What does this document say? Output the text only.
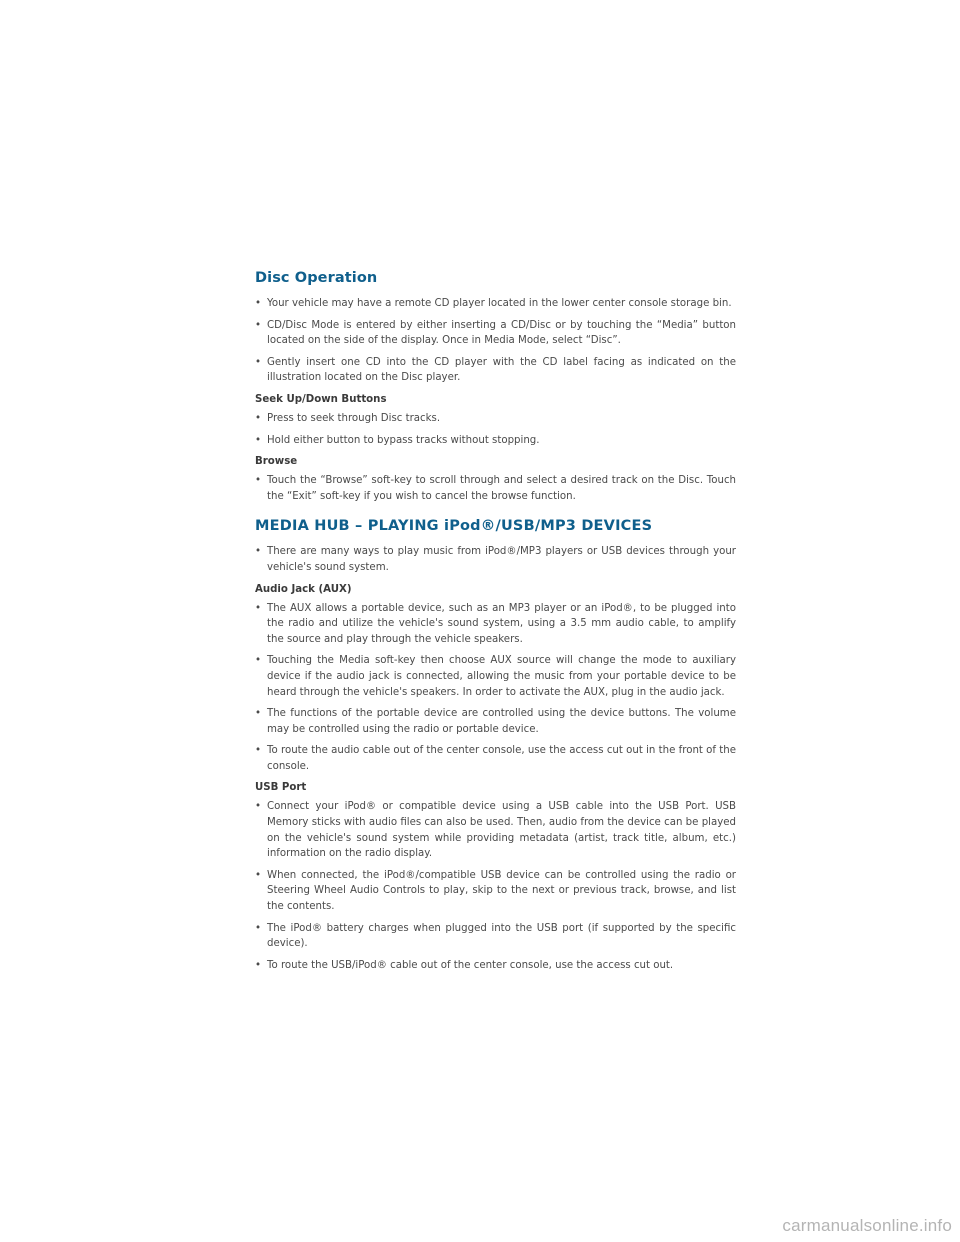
Disc Operation
• Your vehicle may have a remote CD player located in the lower center console storage bin.
• CD/Disc Mode is entered by either inserting a CD/Disc or by touching the “Media” button located on the side of the display. Once in Media Mode, select “Disc”.
• Gently insert one CD into the CD player with the CD label facing as indicated on the illustration located on the Disc player.
Seek Up/Down Buttons
• Press to seek through Disc tracks.
• Hold either button to bypass tracks without stopping.
Browse
• Touch the “Browse” soft-key to scroll through and select a desired track on the Disc. Touch the “Exit” soft-key if you wish to cancel the browse function.
MEDIA HUB – PLAYING iPod®/USB/MP3 DEVICES
• There are many ways to play music from iPod®/MP3 players or USB devices through your vehicle's sound system.
Audio Jack (AUX)
• The AUX allows a portable device, such as an MP3 player or an iPod®, to be plugged into the radio and utilize the vehicle's sound system, using a 3.5 mm audio cable, to amplify the source and play through the vehicle speakers.
• Touching the Media soft-key then choose AUX source will change the mode to auxiliary device if the audio jack is connected, allowing the music from your portable device to be heard through the vehicle's speakers. In order to activate the AUX, plug in the audio jack.
• The functions of the portable device are controlled using the device buttons. The volume may be controlled using the radio or portable device.
• To route the audio cable out of the center console, use the access cut out in the front of the console.
USB Port
• Connect your iPod® or compatible device using a USB cable into the USB Port. USB Memory sticks with audio files can also be used. Then, audio from the device can be played on the vehicle's sound system while providing metadata (artist, track title, album, etc.) information on the radio display.
• When connected, the iPod®/compatible USB device can be controlled using the radio or Steering Wheel Audio Controls to play, skip to the next or previous track, browse, and list the contents.
• The iPod® battery charges when plugged into the USB port (if supported by the specific device).
• To route the USB/iPod® cable out of the center console, use the access cut out.
carmanualsonline.info
